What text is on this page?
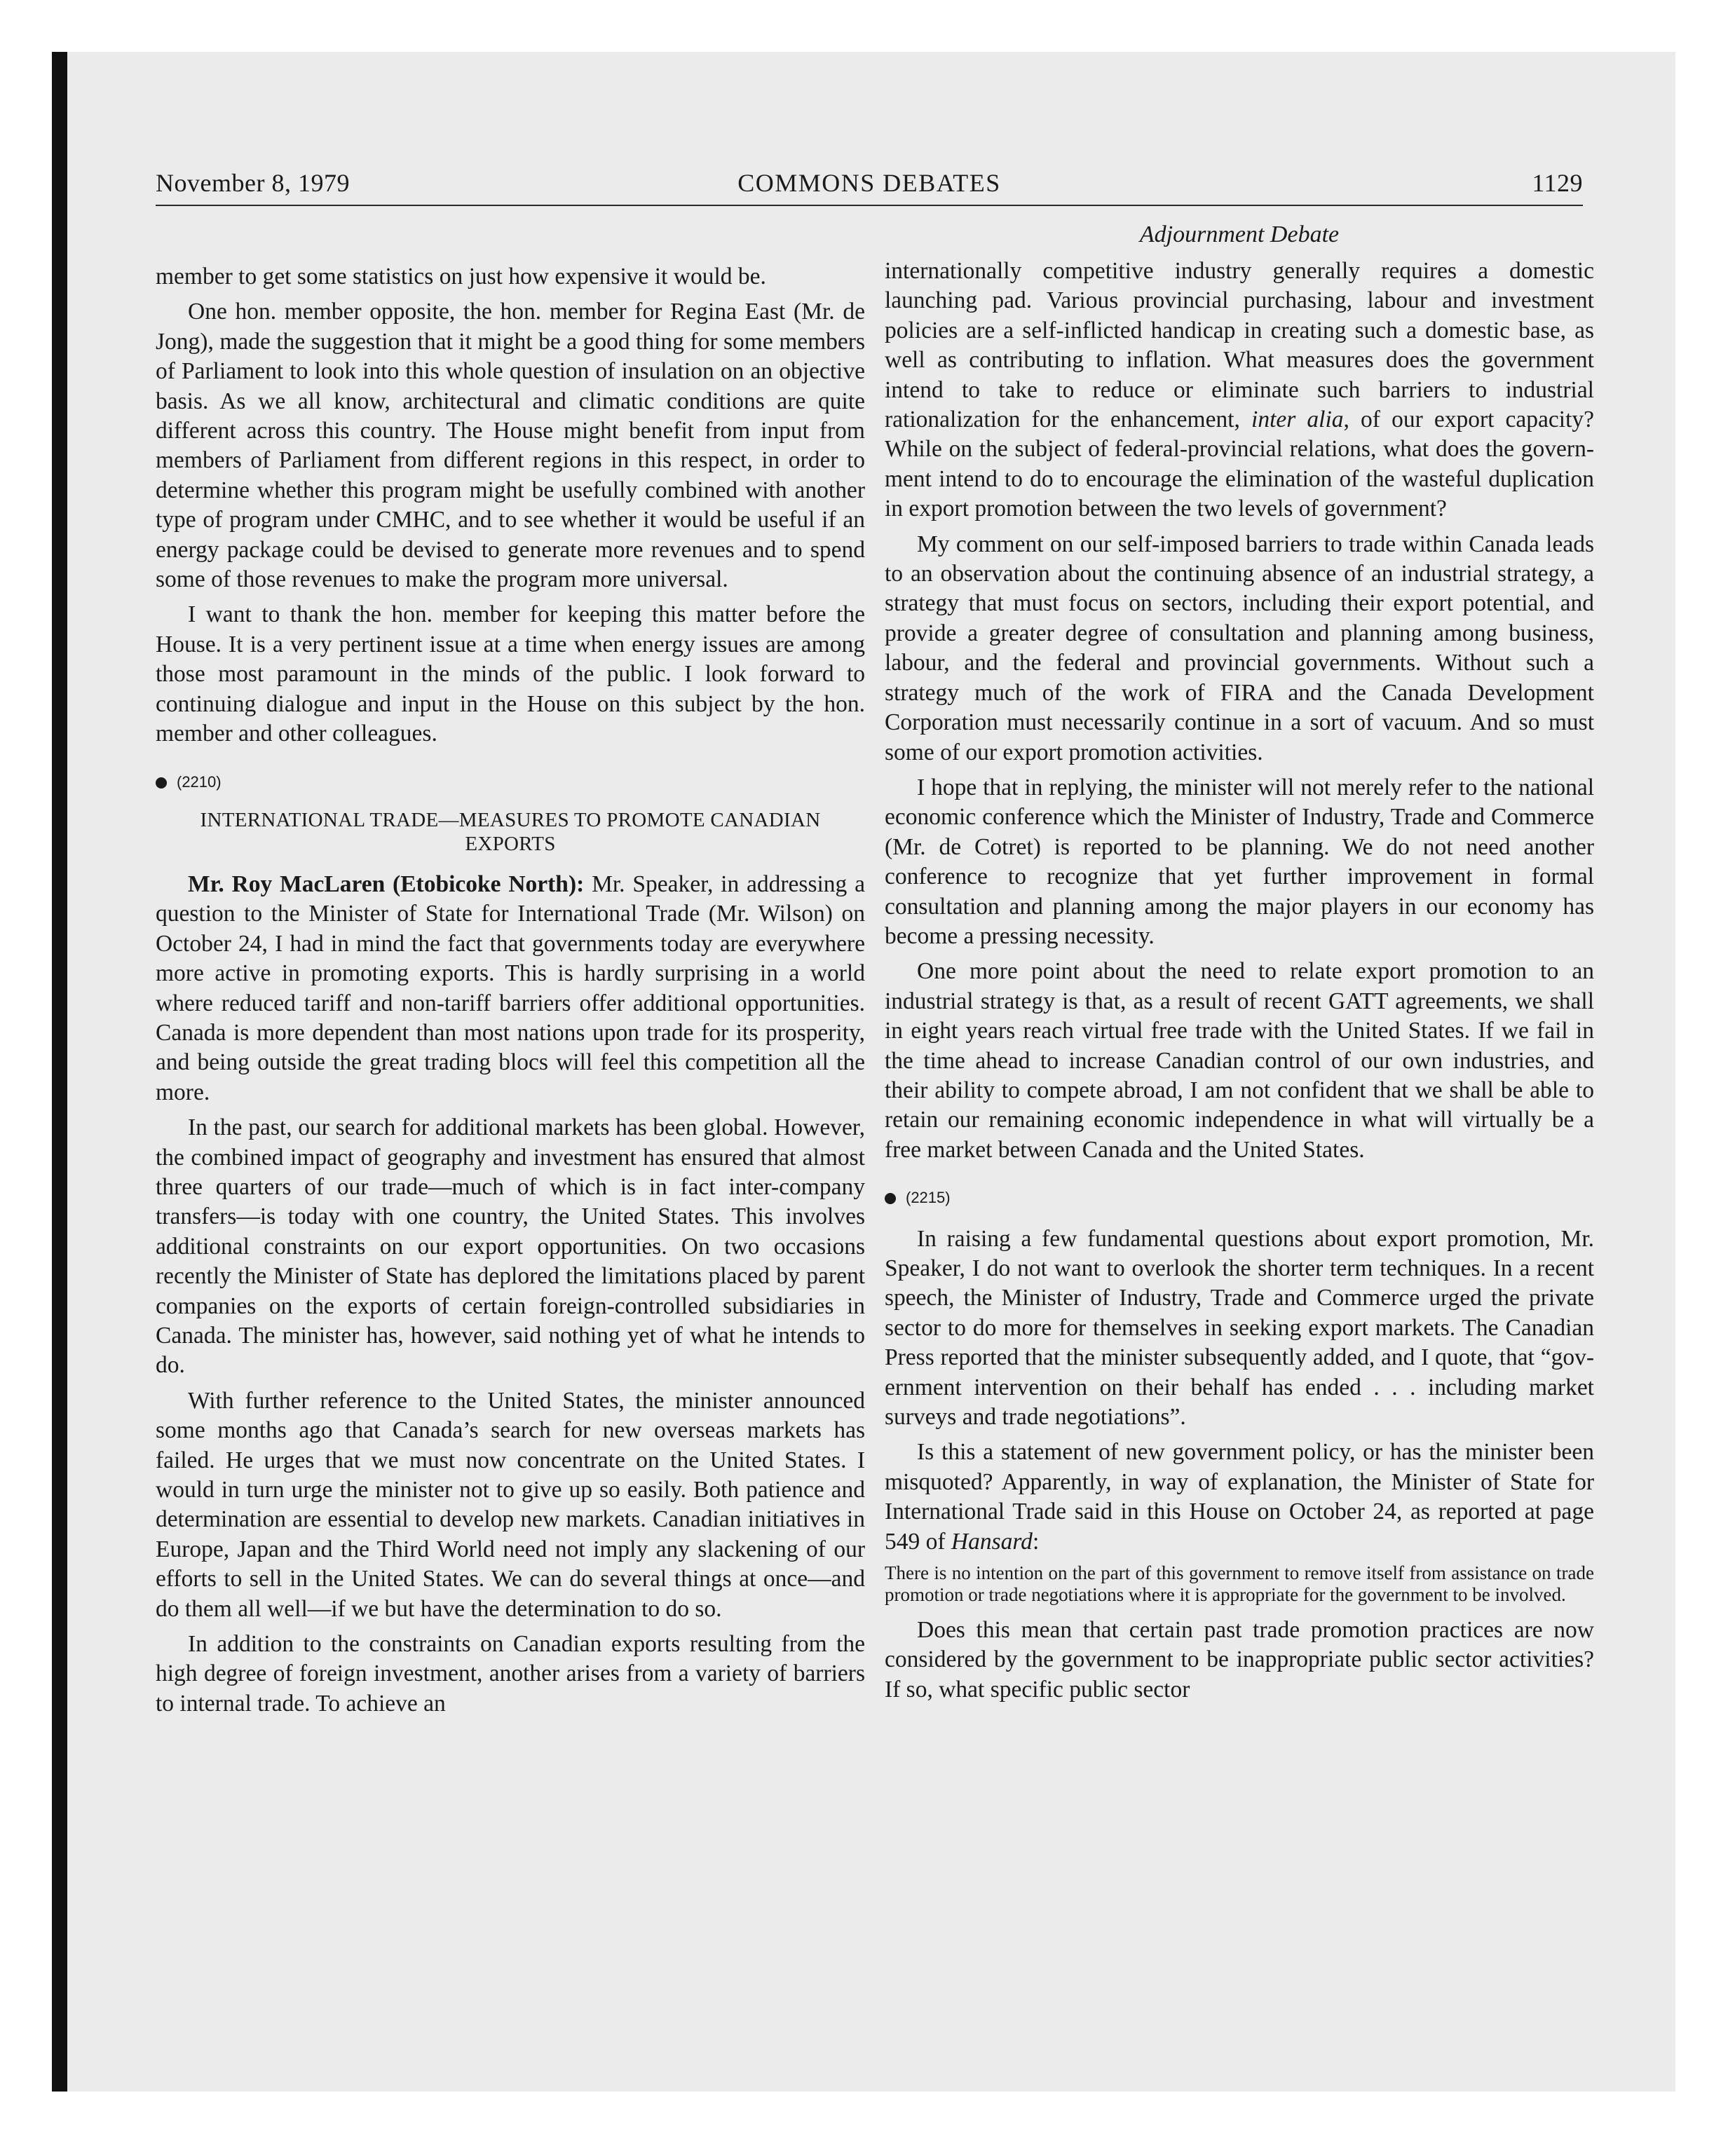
November 8, 1979	COMMONS DEBATES	1129
Adjournment Debate

member to get some statistics on just how expensive it would be.

One hon. member opposite, the hon. member for Regina East (Mr. de Jong), made the suggestion that it might be a good thing for some members of Parliament to look into this whole question of insulation on an objective basis. As we all know, architectural and climatic conditions are quite different across this country. The House might benefit from input from members of Parliament from different regions in this respect, in order to determine whether this program might be usefully combined with another type of program under CMHC, and to see whether it would be useful if an energy package could be devised to generate more revenues and to spend some of those revenues to make the program more universal.

I want to thank the hon. member for keeping this matter before the House. It is a very pertinent issue at a time when energy issues are among those most paramount in the minds of the public. I look forward to continuing dialogue and input in the House on this subject by the hon. member and other colleagues.

(2210)
INTERNATIONAL TRADE—MEASURES TO PROMOTE CANADIAN EXPORTS

Mr. Roy MacLaren (Etobicoke North): Mr. Speaker, in addressing a question to the Minister of State for International Trade (Mr. Wilson) on October 24, I had in mind the fact that governments today are everywhere more active in promoting exports. This is hardly surprising in a world where reduced tariff and non-tariff barriers offer additional opportunities. Canada is more dependent than most nations upon trade for its prosperity, and being outside the great trading blocs will feel this competition all the more.

In the past, our search for additional markets has been global. However, the combined impact of geography and investment has ensured that almost three quarters of our trade—much of which is in fact inter-company transfers—is today with one country, the United States. This involves additional constraints on our export opportunities. On two occasions recently the Minister of State has deplored the limitations placed by parent companies on the exports of certain foreign-controlled subsidiaries in Canada. The minister has, however, said nothing yet of what he intends to do.

With further reference to the United States, the minister announced some months ago that Canada’s search for new overseas markets has failed. He urges that we must now concentrate on the United States. I would in turn urge the minister not to give up so easily. Both patience and determination are essential to develop new markets. Canadian initiatives in Europe, Japan and the Third World need not imply any slackening of our efforts to sell in the United States. We can do several things at once—and do them all well—if we but have the determination to do so.

In addition to the constraints on Canadian exports resulting from the high degree of foreign investment, another arises from a variety of barriers to internal trade. To achieve an

internationally competitive industry generally requires a domestic launching pad. Various provincial purchasing, labour and investment policies are a self-inflicted handicap in creating such a domestic base, as well as contributing to inflation. What measures does the government intend to take to reduce or eliminate such barriers to industrial rationalization for the enhancement, inter alia, of our export capacity? While on the subject of federal-provincial relations, what does the government intend to do to encourage the elimination of the wasteful duplication in export promotion between the two levels of government?

My comment on our self-imposed barriers to trade within Canada leads to an observation about the continuing absence of an industrial strategy, a strategy that must focus on sectors, including their export potential, and provide a greater degree of consultation and planning among business, labour, and the federal and provincial governments. Without such a strategy much of the work of FIRA and the Canada Development Corporation must necessarily continue in a sort of vacuum. And so must some of our export promotion activities.

I hope that in replying, the minister will not merely refer to the national economic conference which the Minister of Industry, Trade and Commerce (Mr. de Cotret) is reported to be planning. We do not need another conference to recognize that yet further improvement in formal consultation and planning among the major players in our economy has become a pressing necessity.

One more point about the need to relate export promotion to an industrial strategy is that, as a result of recent GATT agreements, we shall in eight years reach virtual free trade with the United States. If we fail in the time ahead to increase Canadian control of our own industries, and their ability to compete abroad, I am not confident that we shall be able to retain our remaining economic independence in what will virtually be a free market between Canada and the United States.

(2215)

In raising a few fundamental questions about export promotion, Mr. Speaker, I do not want to overlook the shorter term techniques. In a recent speech, the Minister of Industry, Trade and Commerce urged the private sector to do more for themselves in seeking export markets. The Canadian Press reported that the minister subsequently added, and I quote, that “government intervention on their behalf has ended . . . including market surveys and trade negotiations”.

Is this a statement of new government policy, or has the minister been misquoted? Apparently, in way of explanation, the Minister of State for International Trade said in this House on October 24, as reported at page 549 of Hansard:

There is no intention on the part of this government to remove itself from assistance on trade promotion or trade negotiations where it is appropriate for the government to be involved.

Does this mean that certain past trade promotion practices are now considered by the government to be inappropriate public sector activities? If so, what specific public sector
